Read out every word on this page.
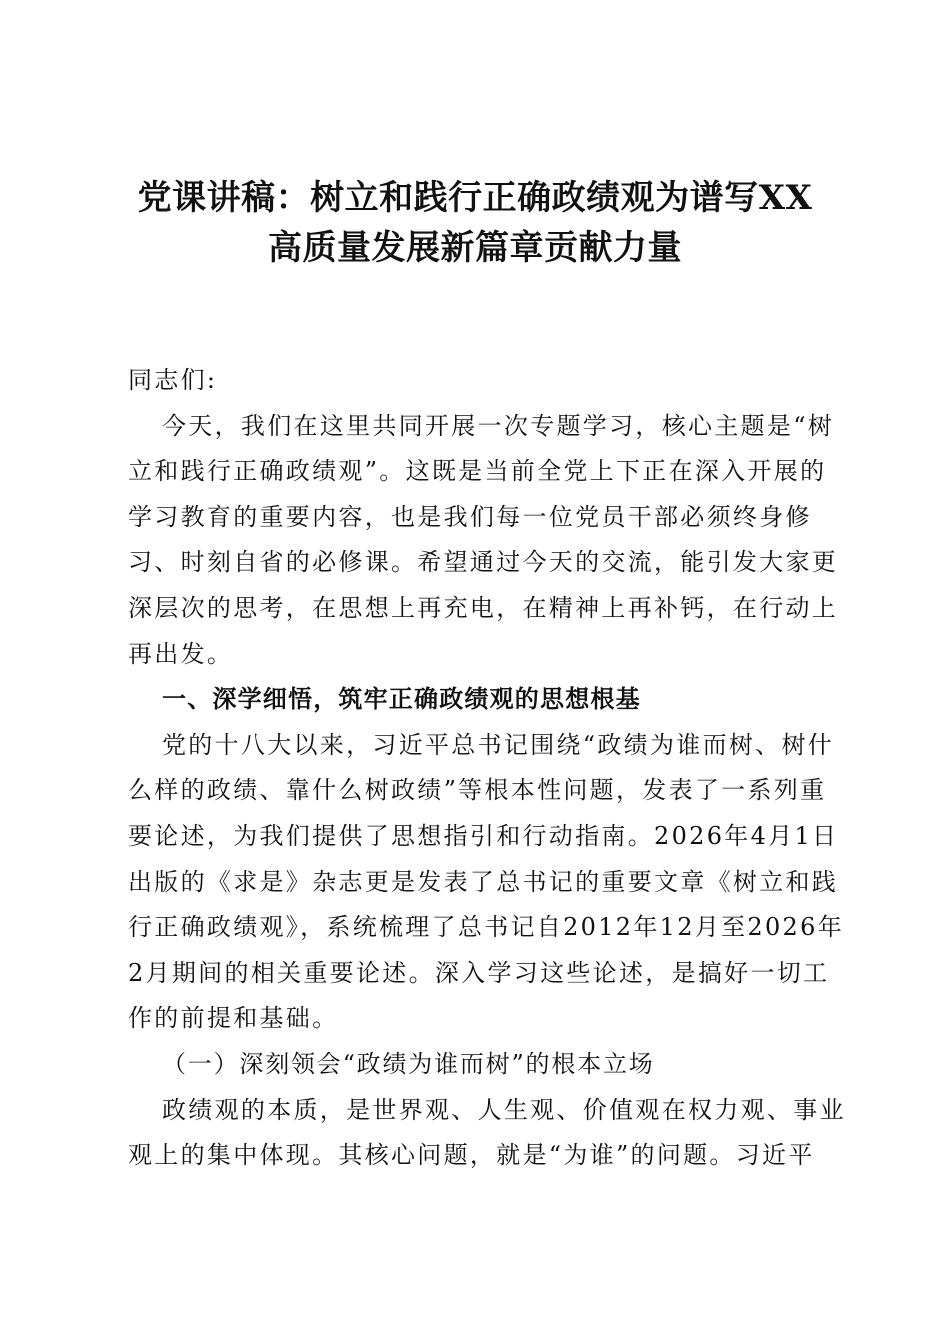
党课讲稿：树立和践行正确政绩观为谱写XX
高质量发展新篇章贡献力量
同志们:
今天，我们在这里共同开展一次专题学习，核心主题是“树
立和践行正确政绩观”。这既是当前全党上下正在深入开展的
学习教育的重要内容，也是我们每一位党员干部必须终身修
习、时刻自省的必修课。希望通过今天的交流，能引发大家更
深层次的思考，在思想上再充电，在精神上再补钙，在行动上
再出发。
一、深学细悟，筑牢正确政绩观的思想根基
党的十八大以来，习近平总书记围绕“政绩为谁而树、树什
么样的政绩、靠什么树政绩”等根本性问题，发表了一系列重
要论述，为我们提供了思想指引和行动指南。2026年4月1日
出版的《求是》杂志更是发表了总书记的重要文章《树立和践
行正确政绩观》，系统梳理了总书记自2012年12月至2026年
2月期间的相关重要论述。深入学习这些论述，是搞好一切工
作的前提和基础。
（一）深刻领会“政绩为谁而树”的根本立场
政绩观的本质，是世界观、人生观、价值观在权力观、事业
观上的集中体现。其核心问题，就是“为谁”的问题。习近平
